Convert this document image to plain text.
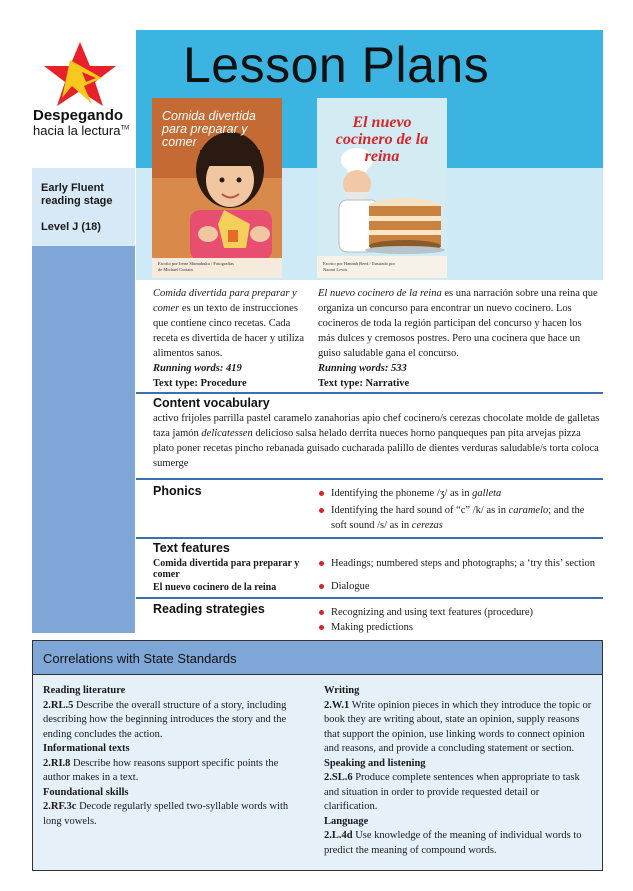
Despegando
hacia la lectura™
Lesson Plans
Early Fluent reading stage
Level J (18)
Comida divertida para preparar y comer
Escrito por Irene Shimabuku / Fotografías de Michael Curtain
El nuevo cocinero de la reina
Escrito por Hannah Reed / Ilustrado por Naomi Lewis
Comida divertida para preparar y comer es un texto de instrucciones que contiene cinco recetas. Cada receta es divertida de hacer y utiliza alimentos sanos.
Running words: 419
Text type: Procedure
El nuevo cocinero de la reina es una narración sobre una reina que organiza un concurso para encontrar un nuevo cocinero. Los cocineros de toda la región participan del concurso y hacen los más dulces y cremosos postres. Pero una cocinera que hace un guiso saludable gana el concurso.
Running words: 533
Text type: Narrative
Content vocabulary
activo frijoles parrilla pastel caramelo zanahorias apio chef cocinero/s cerezas chocolate molde de galletas taza jamón delicatessen delicioso salsa helado derrita nueces horno panqueques pan pita arvejas pizza plato poner recetas pincho rebanada guisado cucharada palillo de dientes verduras saludable/s torta coloca sumerge
Phonics	Identifying the phoneme /ʒ/ as in galleta
Identifying the hard sound of “c” /k/ as in caramelo; and the soft sound /s/ as in cerezas
Text features
Comida divertida para preparar y comer
El nuevo cocinero de la reina
Headings; numbered steps and photographs; a ‘try this’ section
Dialogue
Reading strategies	Recognizing and using text features (procedure)
Making predictions
Correlations with State Standards
Reading literature
2.RL.5 Describe the overall structure of a story, including describing how the beginning introduces the story and the ending concludes the action.
Informational texts
2.RI.8 Describe how reasons support specific points the author makes in a text.
Foundational skills
2.RF.3c Decode regularly spelled two-syllable words with long vowels.
Writing
2.W.1 Write opinion pieces in which they introduce the topic or book they are writing about, state an opinion, supply reasons that support the opinion, use linking words to connect opinion and reasons, and provide a concluding statement or section.
Speaking and listening
2.SL.6 Produce complete sentences when appropriate to task and situation in order to provide requested detail or clarification.
Language
2.L.4d Use knowledge of the meaning of individual words to predict the meaning of compound words.
